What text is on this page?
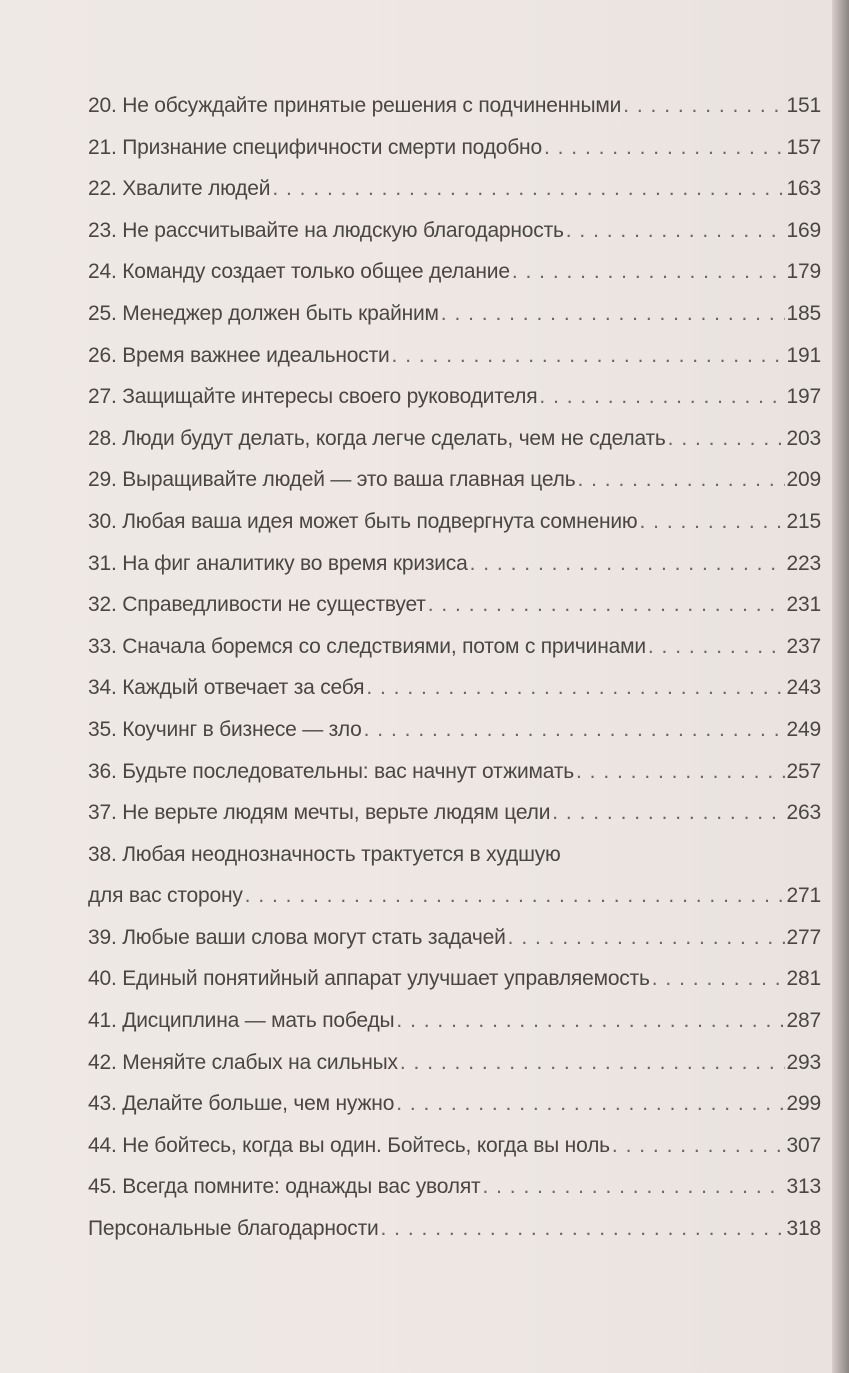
20. Не обсуждайте принятые решения с подчиненными . . .	151
21. Признание специфичности смерти подобно . . .	157
22. Хвалите людей . . .	163
23. Не рассчитывайте на людскую благодарность . . .	169
24. Команду создает только общее делание . . .	179
25. Менеджер должен быть крайним . . .	185
26. Время важнее идеальности . . .	191
27. Защищайте интересы своего руководителя . . .	197
28. Люди будут делать, когда легче сделать, чем не сделать . . .	203
29. Выращивайте людей — это ваша главная цель . . .	209
30. Любая ваша идея может быть подвергнута сомнению . . .	215
31. На фиг аналитику во время кризиса . . .	223
32. Справедливости не существует . . .	231
33. Сначала боремся со следствиями, потом с причинами . . .	237
34. Каждый отвечает за себя . . .	243
35. Коучинг в бизнесе — зло . . .	249
36. Будьте последовательны: вас начнут отжимать . . .	257
37. Не верьте людям мечты, верьте людям цели . . .	263
38. Любая неоднозначность трактуется в худшую
для вас сторону . . .	271
39. Любые ваши слова могут стать задачей . . .	277
40. Единый понятийный аппарат улучшает управляемость . . .	281
41. Дисциплина — мать победы . . .	287
42. Меняйте слабых на сильных . . .	293
43. Делайте больше, чем нужно . . .	299
44. Не бойтесь, когда вы один. Бойтесь, когда вы ноль . . .	307
45. Всегда помните: однажды вас уволят . . .	313
Персональные благодарности . . .	318
